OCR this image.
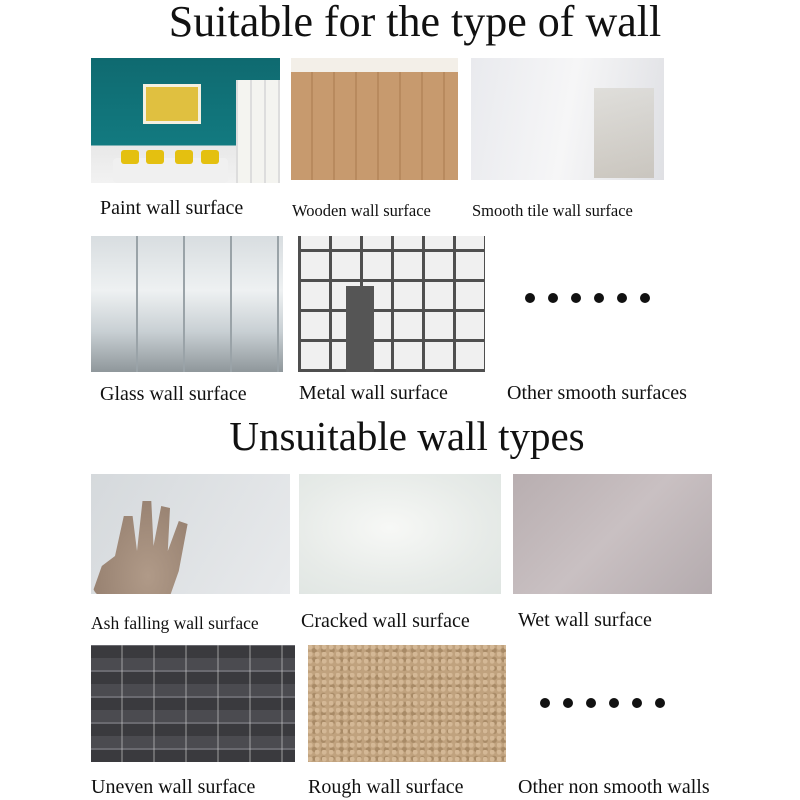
Suitable for the type of wall
Paint wall surface	Wooden wall surface Smooth tile wall surface
Glass wall surface	Metal wall surface	Other smooth surfaces
Unsuitable wall types
Ash falling wall surface Cracked wall surface Wet wall surface
Uneven wall surface	Rough wall surface	Other non smooth walls
